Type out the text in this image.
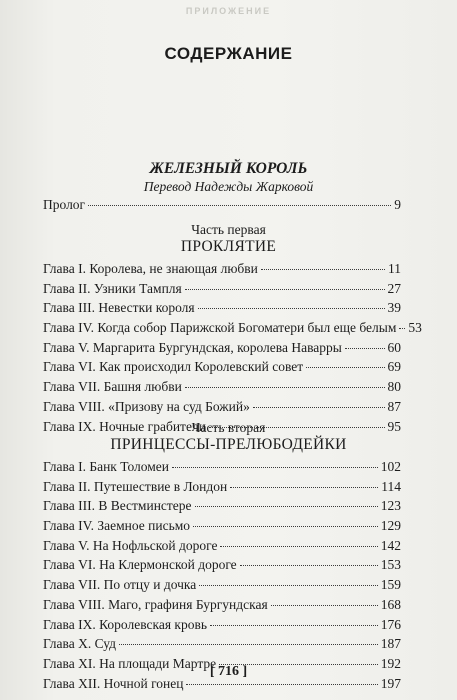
ПРИЛОЖЕНИЕ
СОДЕРЖАНИЕ
ЖЕЛЕЗНЫЙ КОРОЛЬ
Перевод Надежды Жарковой
Пролог	9
Часть первая
ПРОКЛЯТИЕ
Глава I. Королева, не знающая любви	11
Глава II. Узники Тампля	27
Глава III. Невестки короля	39
Глава IV. Когда собор Парижской Богоматери был еще белым 53
Глава V. Маргарита Бургундская, королева Наварры	60
Глава VI. Как происходил Королевский совет	69
Глава VII. Башня любви	80
Глава VIII. «Призову на суд Божий»	87
Глава IX. Ночные грабители	95
Часть вторая
ПРИНЦЕССЫ-ПРЕЛЮБОДЕЙКИ
Глава I. Банк Толомеи	102
Глава II. Путешествие в Лондон	114
Глава III. В Вестминстере	123
Глава IV. Заемное письмо	129
Глава V. На Нофльской дороге	142
Глава VI. На Клермонской дороге	153
Глава VII. По отцу и дочка	159
Глава VIII. Маго, графиня Бургундская	168
Глава IX. Королевская кровь	176
Глава X. Суд	187
Глава XI. На площади Мартре	192
Глава XII. Ночной гонец	197
[ 716 ]
